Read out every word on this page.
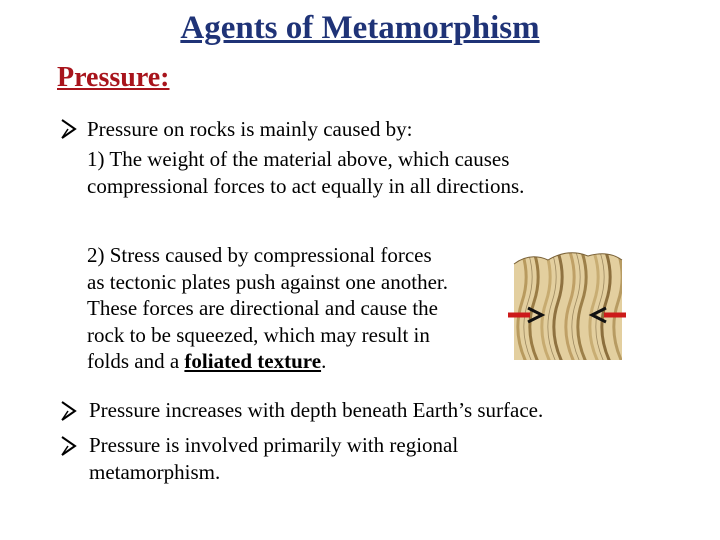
Agents of Metamorphism
Pressure:
Pressure on rocks is mainly caused by:
1) The weight of the material above, which causes
compressional forces to act equally in all directions.
2) Stress caused by compressional forces
as tectonic plates push against one another.
These forces are directional and cause the
rock to be squeezed, which may result in
folds and a foliated texture.
Pressure increases with depth beneath Earth’s surface.
Pressure is involved primarily with regional
metamorphism.
